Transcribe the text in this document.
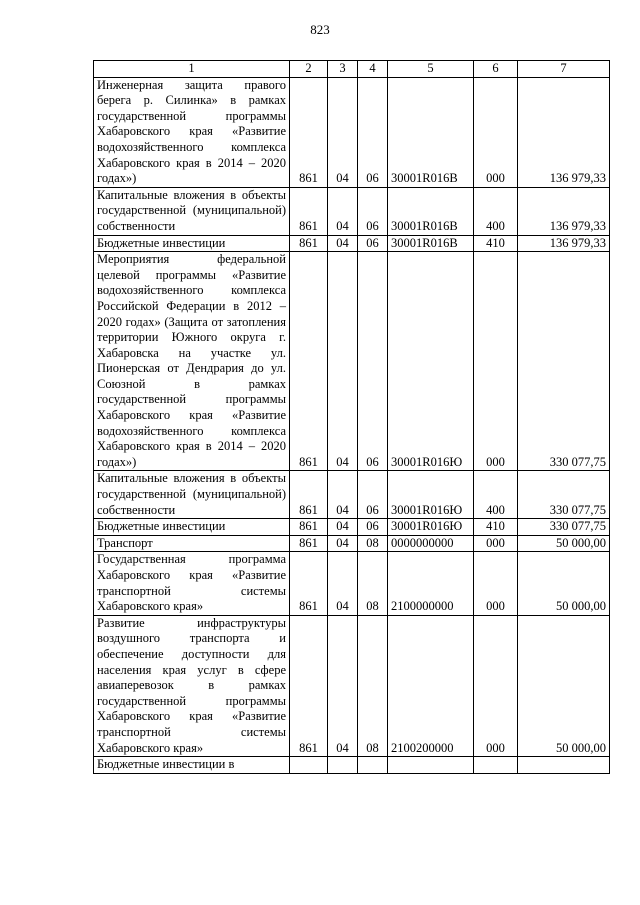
823
1	2	3	4	5	6	7
Инженерная защита правого берега р. Силинка» в рамках государственной программы Хабаровского края «Развитие водохозяйственного комплекса Хабаровского края в 2014 – 2020 годах»)	861	04	06	30001R016В	000	136 979,33
Капитальные вложения в объекты государственной (муниципальной) собственности	861	04	06	30001R016В	400	136 979,33
Бюджетные инвестиции	861	04	06	30001R016В	410	136 979,33
Мероприятия федеральной целевой программы «Развитие водохозяйственного комплекса Российской Федерации в 2012 – 2020 годах» (Защита от затопления территории Южного округа г. Хабаровска на участке ул. Пионерская от Дендрария до ул. Союзной в рамках государственной программы Хабаровского края «Развитие водохозяйственного комплекса Хабаровского края в 2014 – 2020 годах»)	861	04	06	30001R016Ю	000	330 077,75
Капитальные вложения в объекты государственной (муниципальной) собственности	861	04	06	30001R016Ю	400	330 077,75
Бюджетные инвестиции	861	04	06	30001R016Ю	410	330 077,75
Транспорт	861	04	08	0000000000	000	50 000,00
Государственная программа Хабаровского края «Развитие транспортной системы Хабаровского края»	861	04	08	2100000000	000	50 000,00
Развитие инфраструктуры воздушного транспорта и обеспечение доступности для населения края услуг в сфере авиаперевозок в рамках государственной программы Хабаровского края «Развитие транспортной системы Хабаровского края»	861	04	08	2100200000	000	50 000,00
Бюджетные инвестиции в						
